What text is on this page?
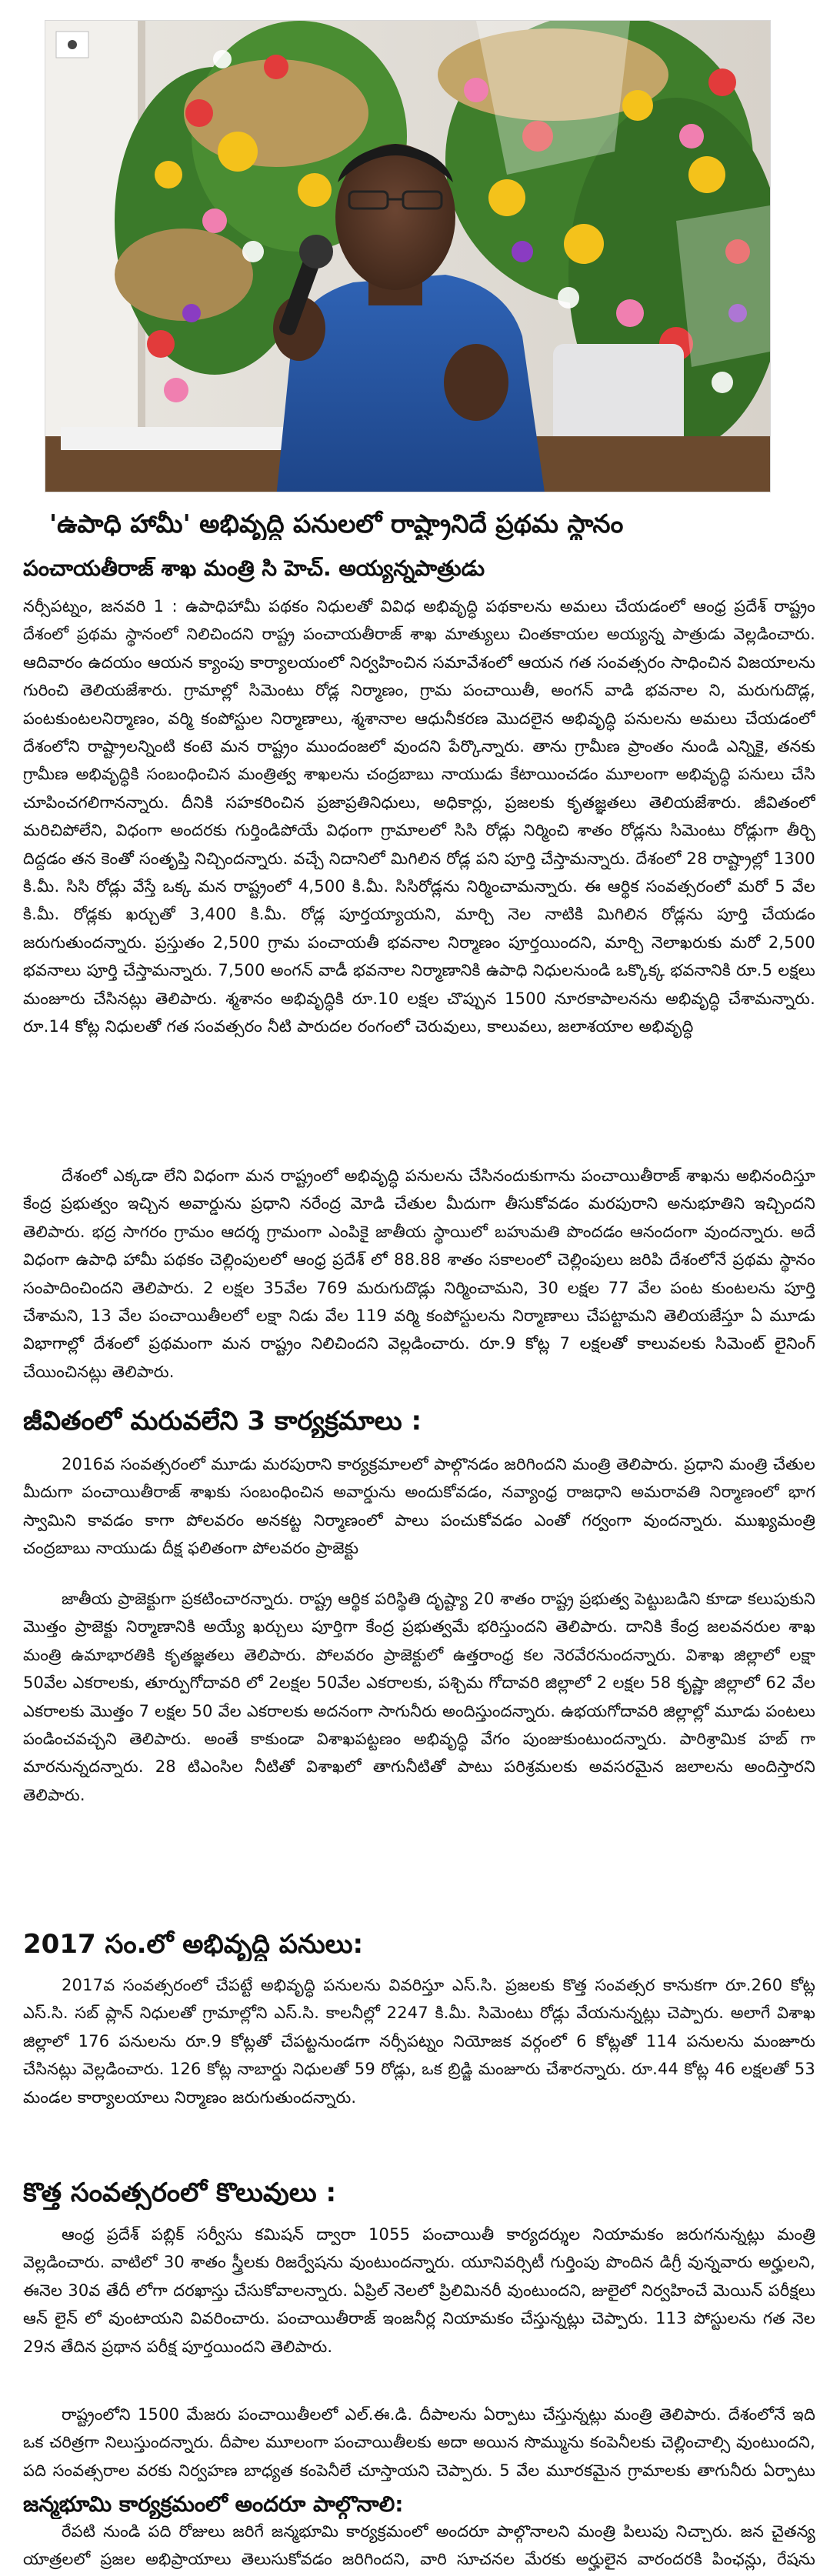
'ఉపాధి హామీ' అభివృద్ధి పనులలో రాష్ట్రానిదే ప్రథమ స్థానం
పంచాయతీరాజ్ శాఖ మంత్రి సి హెచ్. అయ్యన్నపాత్రుడు
నర్సీపట్నం, జనవరి 1 : ఉపాధిహామీ పథకం నిధులతో వివిధ అభివృద్ధి పథకాలను అమలు చేయడంలో ఆంధ్ర ప్రదేశ్ రాష్ట్రం దేశంలో ప్రథమ స్థానంలో నిలిచిందని రాష్ట్ర పంచాయతీరాజ్ శాఖ మాత్యులు చింతకాయల అయ్యన్న పాత్రుడు వెల్లడించారు. ఆదివారం ఉదయం ఆయన క్యాంపు కార్యాలయంలో నిర్వహించిన సమావేశంలో ఆయన గత సంవత్సరం సాధించిన విజయాలను గురించి తెలియజేశారు. గ్రామాల్లో సిమెంటు రోడ్ల నిర్మాణం, గ్రామ పంచాయితీ, అంగన్ వాడి భవనాల ని, మరుగుదొడ్ల, పంటకుంటలనిర్మాణం, వర్మి కంపోస్టుల నిర్మాణాలు, శ్మశానాల ఆధునీకరణ మొదలైన అభివృద్ధి పనులను అమలు చేయడంలో దేశంలోని రాష్ట్రాలన్నింటి కంటె మన రాష్ట్రం ముందంజలో వుందని పేర్కొన్నారు. తాను గ్రామీణ ప్రాంతం నుండి ఎన్నికై, తనకు గ్రామీణ అభివృద్ధికి సంబంధించిన మంత్రిత్వ శాఖలను చంద్రబాబు నాయుడు కేటాయించడం మూలంగా అభివృద్ధి పనులు చేసి చూపించగలిగానన్నారు. దీనికి సహకరించిన ప్రజాప్రతినిధులు, అధికార్లు, ప్రజలకు కృతజ్ఞతలు తెలియజేశారు. జీవితంలో మరిచిపోలేని, విధంగా అందరకు గుర్తిండిపోయే విధంగా గ్రామాలలో సిసి రోడ్లు నిర్మించి శాతం రోడ్లను సిమెంటు రోడ్లుగా తీర్చి దిద్దడం తన కెంతో సంతృప్తి నిచ్చిందన్నారు. వచ్చే నిదానిలో మిగిలిన రోడ్ల పని పూర్తి చేస్తామన్నారు. దేశంలో 28 రాష్ట్రాల్లో 1300 కి.మీ. సిసి రోడ్లు వేస్తే ఒక్క మన రాష్ట్రంలో 4,500 కి.మీ. సిసిరోడ్లను నిర్మించామన్నారు. ఈ ఆర్థిక సంవత్సరంలో మరో 5 వేల కి.మీ. రోడ్లకు ఖర్చుతో 3,400 కి.మీ. రోడ్ల పూర్తయ్యాయని, మార్చి నెల నాటికి మిగిలిన రోడ్లను పూర్తి చేయడం జరుగుతుందన్నారు. ప్రస్తుతం 2,500 గ్రామ పంచాయతీ భవనాల నిర్మాణం పూర్తయిందని, మార్చి నెలాఖరుకు మరో 2,500 భవనాలు పూర్తి చేస్తామన్నారు. 7,500 అంగన్ వాడీ భవనాల నిర్మాణానికి ఉపాధి నిధులనుండి ఒక్కొక్క భవనానికి రూ.5 లక్షలు మంజూరు చేసినట్లు తెలిపారు. శ్మశానం అభివృద్ధికి రూ.10 లక్షల చొప్పున 1500 నూరకాపాలనను అభివృద్ధి చేశామన్నారు. రూ.14 కోట్ల నిధులతో గత సంవత్సరం నీటి పారుదల రంగంలో చెరువులు, కాలువలు, జలాశయాల అభివృద్ధి
దేశంలో ఎక్కడా లేని విధంగా మన రాష్ట్రంలో అభివృద్ధి పనులను చేసినందుకుగాను పంచాయితీరాజ్ శాఖను అభినందిస్తూ కేంద్ర ప్రభుత్వం ఇచ్చిన అవార్డును ప్రధాని నరేంద్ర మోడి చేతుల మీదుగా తీసుకోవడం మరపురాని అనుభూతిని ఇచ్చిందని తెలిపారు. భద్ర సాగరం గ్రామం ఆదర్శ గ్రామంగా ఎంపికై జాతీయ స్థాయిలో బహుమతి పొందడం ఆనందంగా వుందన్నారు. అదే విధంగా ఉపాధి హామీ పథకం చెల్లింపులలో ఆంధ్ర ప్రదేశ్ లో 88.88 శాతం సకాలంలో చెల్లింపులు జరిపి దేశంలోనే ప్రథమ స్థానం సంపాదించిందని తెలిపారు. 2 లక్షల 35వేల 769 మరుగుదొడ్లు నిర్మించామని, 30 లక్షల 77 వేల పంట కుంటలను పూర్తి చేశామని, 13 వేల పంచాయితీలలో లక్షా నిడు వేల 119 వర్మి కంపోస్టులను నిర్మాణాలు చేపట్టామని తెలియజేస్తూ ఏ మూడు విభాగాల్లో దేశంలో ప్రథమంగా మన రాష్ట్రం నిలిచిందని వెల్లడించారు. రూ.9 కోట్ల 7 లక్షలతో కాలువలకు సిమెంట్ లైనింగ్ చేయించినట్లు తెలిపారు.
జీవితంలో మరువలేని 3 కార్యక్రమాలు :
2016వ సంవత్సరంలో మూడు మరపురాని కార్యక్రమాలలో పాల్గొనడం జరిగిందని మంత్రి తెలిపారు. ప్రధాని మంత్రి చేతుల మీదుగా పంచాయితీరాజ్ శాఖకు సంబంధించిన అవార్డును అందుకోవడం, నవ్యాంధ్ర రాజధాని అమరావతి నిర్మాణంలో భాగ స్వామిని కావడం కాగా పోలవరం అనకట్ట నిర్మాణంలో పాలు పంచుకోవడం ఎంతో గర్వంగా వుందన్నారు. ముఖ్యమంత్రి చంద్రబాబు నాయుడు దీక్ష ఫలితంగా పోలవరం ప్రాజెక్టు
జాతీయ ప్రాజెక్టుగా ప్రకటించారన్నారు. రాష్ట్ర ఆర్థిక పరిస్థితి దృష్ట్యా 20 శాతం రాష్ట్ర ప్రభుత్వ పెట్టుబడిని కూడా కలుపుకుని మొత్తం ప్రాజెక్టు నిర్మాణానికి అయ్యే ఖర్చులు పూర్తిగా కేంద్ర ప్రభుత్వమే భరిస్తుందని తెలిపారు. దానికి కేంద్ర జలవనరుల శాఖ మంత్రి ఉమాభారతికి కృతజ్ఞతలు తెలిపారు. పోలవరం ప్రాజెక్టులో ఉత్తరాంధ్ర కల నెరవేరనుందన్నారు. విశాఖ జిల్లాలో లక్షా 50వేల ఎకరాలకు, తూర్పుగోదావరి లో 2లక్షల 50వేల ఎకరాలకు, పశ్చిమ గోదావరి జిల్లాలో 2 లక్షల 58 కృష్ణా జిల్లాలో 62 వేల ఎకరాలకు మొత్తం 7 లక్షల 50 వేల ఎకరాలకు అదనంగా సాగునీరు అందిస్తుందన్నారు. ఉభయగోదావరి జిల్లాల్లో మూడు పంటలు పండించవచ్చని తెలిపారు. అంతే కాకుండా విశాఖపట్టణం అభివృద్ధి వేగం పుంజుకుంటుందన్నారు. పారిశ్రామిక హబ్ గా మారనున్నదన్నారు. 28 టిఎంసిల నీటితో విశాఖలో తాగునీటితో పాటు పరిశ్రమలకు అవసరమైన జలాలను అందిస్తారని తెలిపారు.
2017 సం.లో అభివృద్ధి పనులు:
2017వ సంవత్సరంలో చేపట్టే అభివృద్ధి పనులను వివరిస్తూ ఎస్.సి. ప్రజలకు కొత్త సంవత్సర కానుకగా రూ.260 కోట్ల ఎస్.సి. సబ్ ప్లాన్ నిధులతో గ్రామాల్లోని ఎస్.సి. కాలనీల్లో 2247 కి.మీ. సిమెంటు రోడ్లు వేయనున్నట్లు చెప్పారు. అలాగే విశాఖ జిల్లాలో 176 పనులను రూ.9 కోట్లతో చేపట్టనుండగా నర్సీపట్నం నియోజక వర్గంలో 6 కోట్లతో 114 పనులను మంజూరు చేసినట్లు వెల్లడించారు. 126 కోట్ల నాబార్డు నిధులతో 59 రోడ్లు, ఒక బ్రిడ్జి మంజూరు చేశారన్నారు. రూ.44 కోట్ల 46 లక్షలతో 53 మండల కార్యాలయాలు నిర్మాణం జరుగుతుందన్నారు.
కొత్త సంవత్సరంలో కొలువులు :
ఆంధ్ర ప్రదేశ్ పబ్లిక్ సర్వీసు కమిషన్ ద్వారా 1055 పంచాయితీ కార్యదర్శుల నియామకం జరుగనున్నట్లు మంత్రి వెల్లడించారు. వాటిలో 30 శాతం స్త్రీలకు రిజర్వేషను వుంటుందన్నారు. యూనివర్సిటీ గుర్తింపు పొందిన డిగ్రీ వున్నవారు అర్హులని, ఈనెల 30వ తేదీ లోగా దరఖాస్తు చేసుకోవాలన్నారు. ఏప్రిల్ నెలలో ప్రిలిమినరీ వుంటుందని, జులైలో నిర్వహించే మెయిన్ పరీక్షలు ఆన్ లైన్ లో వుంటాయని వివరించారు. పంచాయితీరాజ్ ఇంజనీర్ల నియామకం చేస్తున్నట్లు చెప్పారు. 113 పోస్టులను గత నెల 29న తేదిన ప్రథాన పరీక్ష పూర్తయిందని తెలిపారు.
రాష్ట్రంలోని 1500 మేజరు పంచాయితీలలో ఎల్.ఈ.డి. దీపాలను ఏర్పాటు చేస్తున్నట్లు మంత్రి తెలిపారు. దేశంలోనే ఇది ఒక చరిత్రగా నిలుస్తుందన్నారు. దీపాల మూలంగా పంచాయితీలకు అదా అయిన సొమ్మును కంపెనీలకు చెల్లించాల్సి వుంటుందని, పది సంవత్సరాల వరకు నిర్వహణ బాధ్యత కంపెనీలే చూస్తాయని చెప్పారు. 5 వేల మూరకమైన గ్రామాలకు తాగునీరు ఏర్పాటు
జన్మభూమి కార్యక్రమంలో అందరూ పాల్గొనాలి:
రేపటి నుండి పది రోజులు జరిగే జన్మభూమి కార్యక్రమంలో అందరూ పాల్గొనాలని మంత్రి పిలుపు నిచ్చారు. జన చైతన్య యాత్రలలో ప్రజల అభిప్రాయాలు తెలుసుకోవడం జరిగిందని, వారి సూచనల మేరకు అర్హులైన వారందరకి పింఛన్లు, రేషను
